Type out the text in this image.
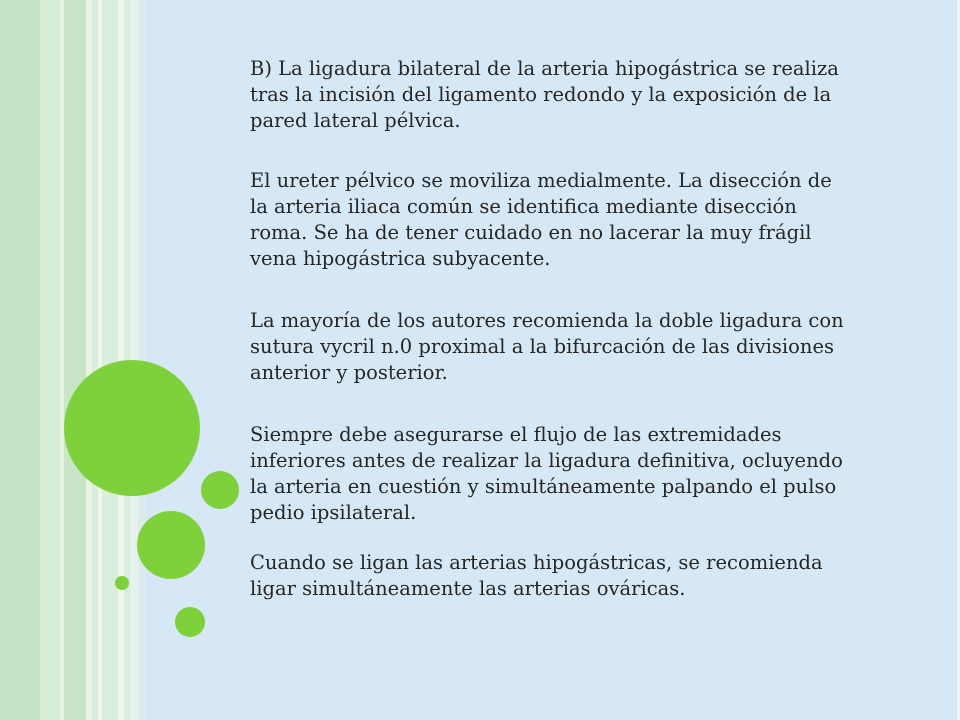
B) La ligadura bilateral de la arteria hipogástrica se realiza
tras la incisión del ligamento redondo y la exposición de la
pared lateral pélvica.

El ureter pélvico se moviliza medialmente. La disección de
la arteria iliaca común se identifica mediante disección
roma. Se ha de tener cuidado en no lacerar la muy frágil
vena hipogástrica subyacente.

La mayoría de los autores recomienda la doble ligadura con
sutura vycril n.0 proximal a la bifurcación de las divisiones
anterior y posterior.

Siempre debe asegurarse el flujo de las extremidades
inferiores antes de realizar la ligadura definitiva, ocluyendo
la arteria en cuestión y simultáneamente palpando el pulso
pedio ipsilateral.

Cuando se ligan las arterias hipogástricas, se recomienda
ligar simultáneamente las arterias ováricas.
